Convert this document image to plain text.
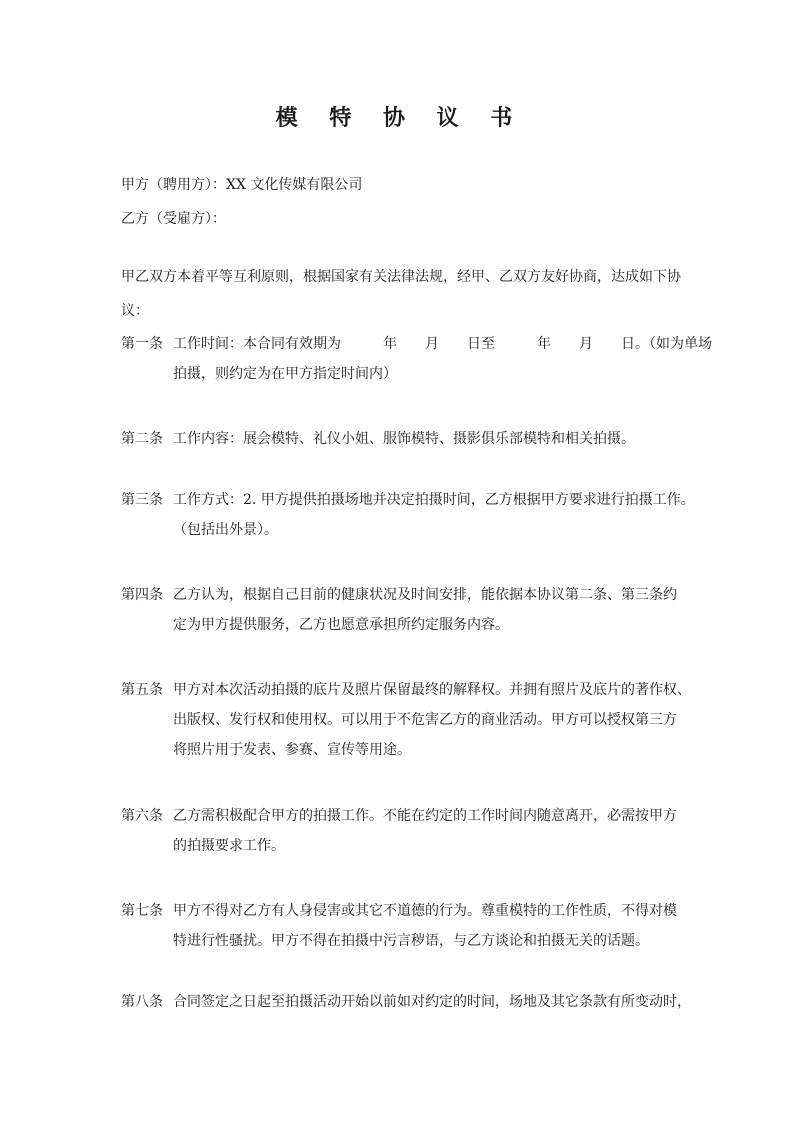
模 特 协 议 书
甲方（聘用方）：XX 文化传媒有限公司
乙方（受雇方）：
甲乙双方本着平等互利原则，根据国家有关法律法规，经甲、乙双方友好协商，达成如下协
议：
第一条 工作时间：本合同有效期为　　　年　　月　　日至　　　年　　月　　日。（如为单场
拍摄，则约定为在甲方指定时间内）
第二条 工作内容：展会模特、礼仪小姐、服饰模特、摄影俱乐部模特和相关拍摄。
第三条 工作方式：2. 甲方提供拍摄场地并决定拍摄时间，乙方根据甲方要求进行拍摄工作。
（包括出外景）。
第四条 乙方认为，根据自己目前的健康状况及时间安排，能依据本协议第二条、第三条约
定为甲方提供服务，乙方也愿意承担所约定服务内容。
第五条 甲方对本次活动拍摄的底片及照片保留最终的解释权。并拥有照片及底片的著作权、
出版权、发行权和使用权。可以用于不危害乙方的商业活动。甲方可以授权第三方
将照片用于发表、参赛、宣传等用途。
第六条 乙方需积极配合甲方的拍摄工作。不能在约定的工作时间内随意离开，必需按甲方
的拍摄要求工作。
第七条 甲方不得对乙方有人身侵害或其它不道德的行为。尊重模特的工作性质，不得对模
特进行性骚扰。甲方不得在拍摄中污言秽语，与乙方谈论和拍摄无关的话题。
第八条 合同签定之日起至拍摄活动开始以前如对约定的时间，场地及其它条款有所变动时，
